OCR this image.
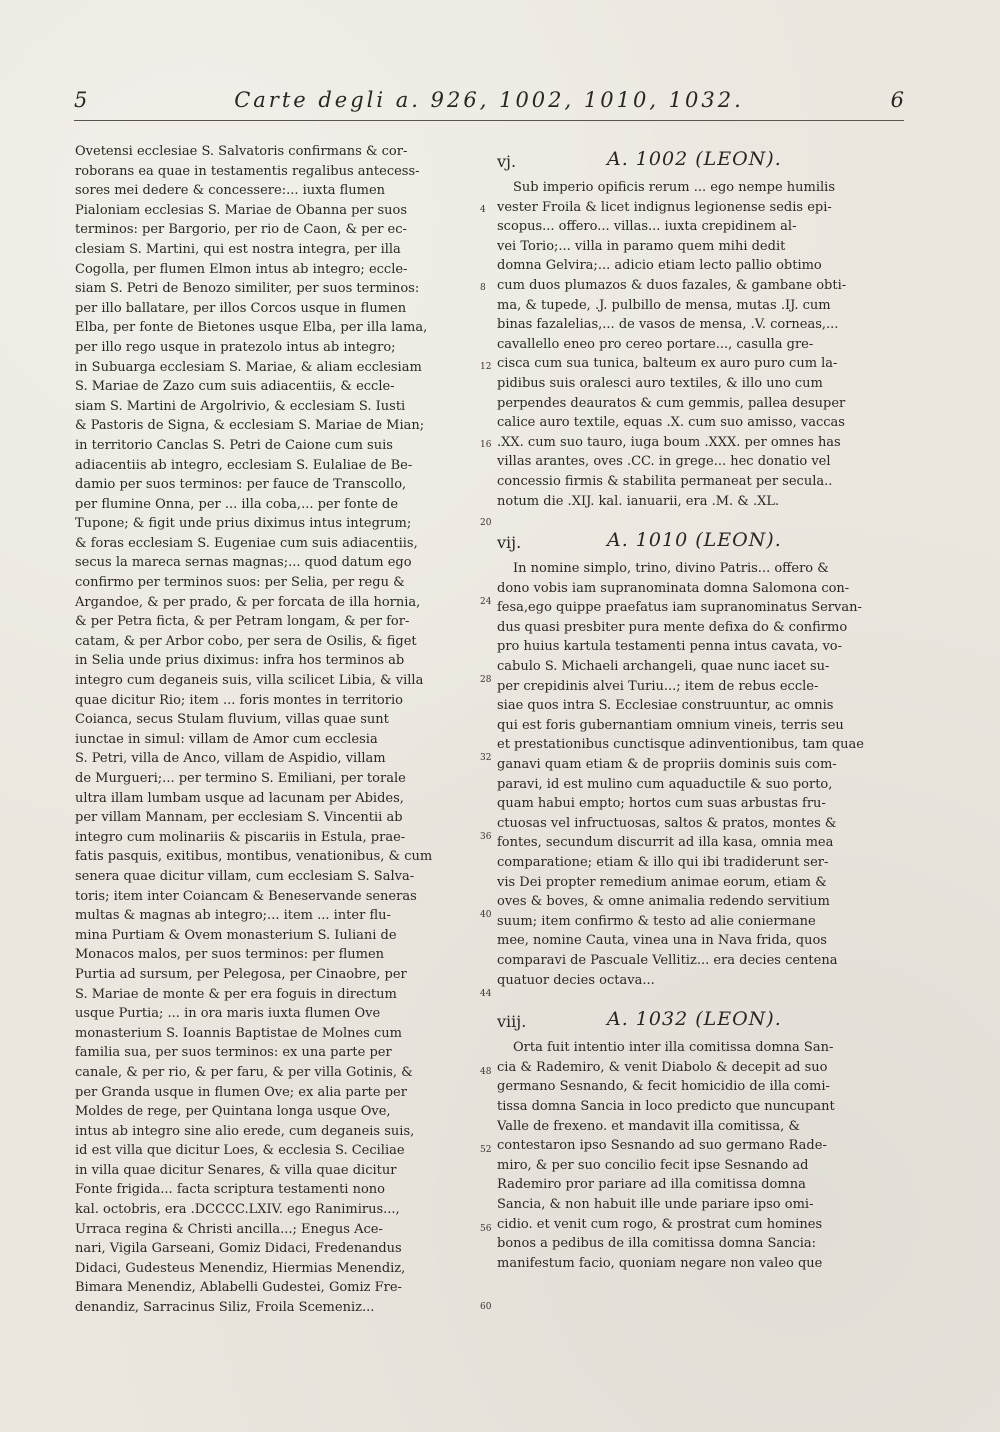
5	Carte degli a. 926, 1002, 1010, 1032.	6
Ovetensi ecclesiae S. Salvatoris confirmans & cor-
roborans ea quae in testamentis regalibus antecess-
sores mei dedere & concessere:... iuxta flumen
Pialoniam ecclesias S. Mariae de Obanna per suos	4
terminos: per Bargorio, per rio de Caon, & per ec-
clesiam S. Martini, qui est nostra integra, per illa
Cogolla, per flumen Elmon intus ab integro; eccle-
siam S. Petri de Benozo similiter, per suos terminos:	8
per illo ballatare, per illos Corcos usque in flumen
Elba, per fonte de Bietones usque Elba, per illa lama,
per illo rego usque in pratezolo intus ab integro;
in Subuarga ecclesiam S. Mariae, & aliam ecclesiam	12
S. Mariae de Zazo cum suis adiacentiis, & eccle-
siam S. Martini de Argolrivio, & ecclesiam S. Iusti
& Pastoris de Signa, & ecclesiam S. Mariae de Mian;
in territorio Canclas S. Petri de Caione cum suis	16
adiacentiis ab integro, ecclesiam S. Eulaliae de Be-
damio per suos terminos: per fauce de Transcollo,
per flumine Onna, per ... illa coba,... per fonte de
Tupone; & figit unde prius diximus intus integrum;	20
& foras ecclesiam S. Eugeniae cum suis adiacentiis,
secus la mareca sernas magnas;... quod datum ego
confirmo per terminos suos: per Selia, per regu &
Argandoe, & per prado, & per forcata de illa hornia,	24
& per Petra ficta, & per Petram longam, & per for-
catam, & per Arbor cobo, per sera de Osilis, & figet
in Selia unde prius diximus: infra hos terminos ab
integro cum deganeis suis, villa scilicet Libia, & villa	28
quae dicitur Rio; item ... foris montes in territorio
Coianca, secus Stulam fluvium, villas quae sunt
iunctae in simul: villam de Amor cum ecclesia
S. Petri, villa de Anco, villam de Aspidio, villam	32
de Murgueri;... per termino S. Emiliani, per torale
ultra illam lumbam usque ad lacunam per Abides,
per villam Mannam, per ecclesiam S. Vincentii ab
integro cum molinariis & piscariis in Estula, prae-	36
fatis pasquis, exitibus, montibus, venationibus, & cum
senera quae dicitur villam, cum ecclesiam S. Salva-
toris; item inter Coiancam & Beneservande seneras
multas & magnas ab integro;... item ... inter flu-	40
mina Purtiam & Ovem monasterium S. Iuliani de
Monacos malos, per suos terminos: per flumen
Purtia ad sursum, per Pelegosa, per Cinaobre, per
S. Mariae de monte & per era foguis in directum	44
usque Purtia; ... in ora maris iuxta flumen Ove
monasterium S. Ioannis Baptistae de Molnes cum
familia sua, per suos terminos: ex una parte per
canale, & per rio, & per faru, & per villa Gotinis, &	48
per Granda usque in flumen Ove; ex alia parte per
Moldes de rege, per Quintana longa usque Ove,
intus ab integro sine alio erede, cum deganeis suis,
id est villa que dicitur Loes, & ecclesia S. Ceciliae	52
in villa quae dicitur Senares, & villa quae dicitur
Fonte frigida... facta scriptura testamenti nono
kal. octobris, era .DCCCC.LXIV. ego Ranimirus...,
Urraca regina & Christi ancilla...; Enegus Ace-	56
nari, Vigila Garseani, Gomiz Didaci, Fredenandus
Didaci, Gudesteus Menendiz, Hiermias Menendiz,
Bimara Menendiz, Ablabelli Gudestei, Gomiz Fre-
denandiz, Sarracinus Siliz, Froila Scemeniz...	60
vj.	A. 1002 (LEON).
Sub imperio opificis rerum ... ego nempe humilis
vester Froila & licet indignus legionense sedis epi-
scopus... offero... villas... iuxta crepidinem al-
vei Torio;... villa in paramo quem mihi dedit
domna Gelvira;... adicio etiam lecto pallio obtimo
cum duos plumazos & duos fazales, & gambane obti-
ma, & tupede, .J. pulbillo de mensa, mutas .IJ. cum
binas fazalelias,... de vasos de mensa, .V. corneas,...
cavallello eneo pro cereo portare..., casulla gre-
cisca cum sua tunica, balteum ex auro puro cum la-
pidibus suis oralesci auro textiles, & illo uno cum
perpendes deauratos & cum gemmis, pallea desuper
calice auro textile, equas .X. cum suo amisso, vaccas
.XX. cum suo tauro, iuga boum .XXX. per omnes has
villas arantes, oves .CC. in grege... hec donatio vel
concessio firmis & stabilita permaneat per secula..
notum die .XIJ. kal. ianuarii, era .M. & .XL.
vij.	A. 1010 (LEON).
In nomine simplo, trino, divino Patris... offero &
dono vobis iam supranominata domna Salomona con-
fesa,ego quippe praefatus iam supranominatus Servan-
dus quasi presbiter pura mente defixa do & confirmo
pro huius kartula testamenti penna intus cavata, vo-
cabulo S. Michaeli archangeli, quae nunc iacet su-
per crepidinis alvei Turiu...; item de rebus eccle-
siae quos intra S. Ecclesiae construuntur, ac omnis
qui est foris gubernantiam omnium vineis, terris seu
et prestationibus cunctisque adinventionibus, tam quae
ganavi quam etiam & de propriis dominis suis com-
paravi, id est mulino cum aquaductile & suo porto,
quam habui empto; hortos cum suas arbustas fru-
ctuosas vel infructuosas, saltos & pratos, montes &
fontes, secundum discurrit ad illa kasa, omnia mea
comparatione; etiam & illo qui ibi tradiderunt ser-
vis Dei propter remedium animae eorum, etiam &
oves & boves, & omne animalia redendo servitium
suum; item confirmo & testo ad alie coniermane
mee, nomine Cauta, vinea una in Nava frida, quos
comparavi de Pascuale Vellitiz... era decies centena
quatuor decies octava...
viij.	A. 1032 (LEON).
Orta fuit intentio inter illa comitissa domna San-
cia & Rademiro, & venit Diabolo & decepit ad suo
germano Sesnando, & fecit homicidio de illa comi-
tissa domna Sancia in loco predicto que nuncupant
Valle de frexeno. et mandavit illa comitissa, &
contestaron ipso Sesnando ad suo germano Rade-
miro, & per suo concilio fecit ipse Sesnando ad
Rademiro pror pariare ad illa comitissa domna
Sancia, & non habuit ille unde pariare ipso omi-
cidio. et venit cum rogo, & prostrat cum homines
bonos a pedibus de illa comitissa domna Sancia:
manifestum facio, quoniam negare non valeo que
